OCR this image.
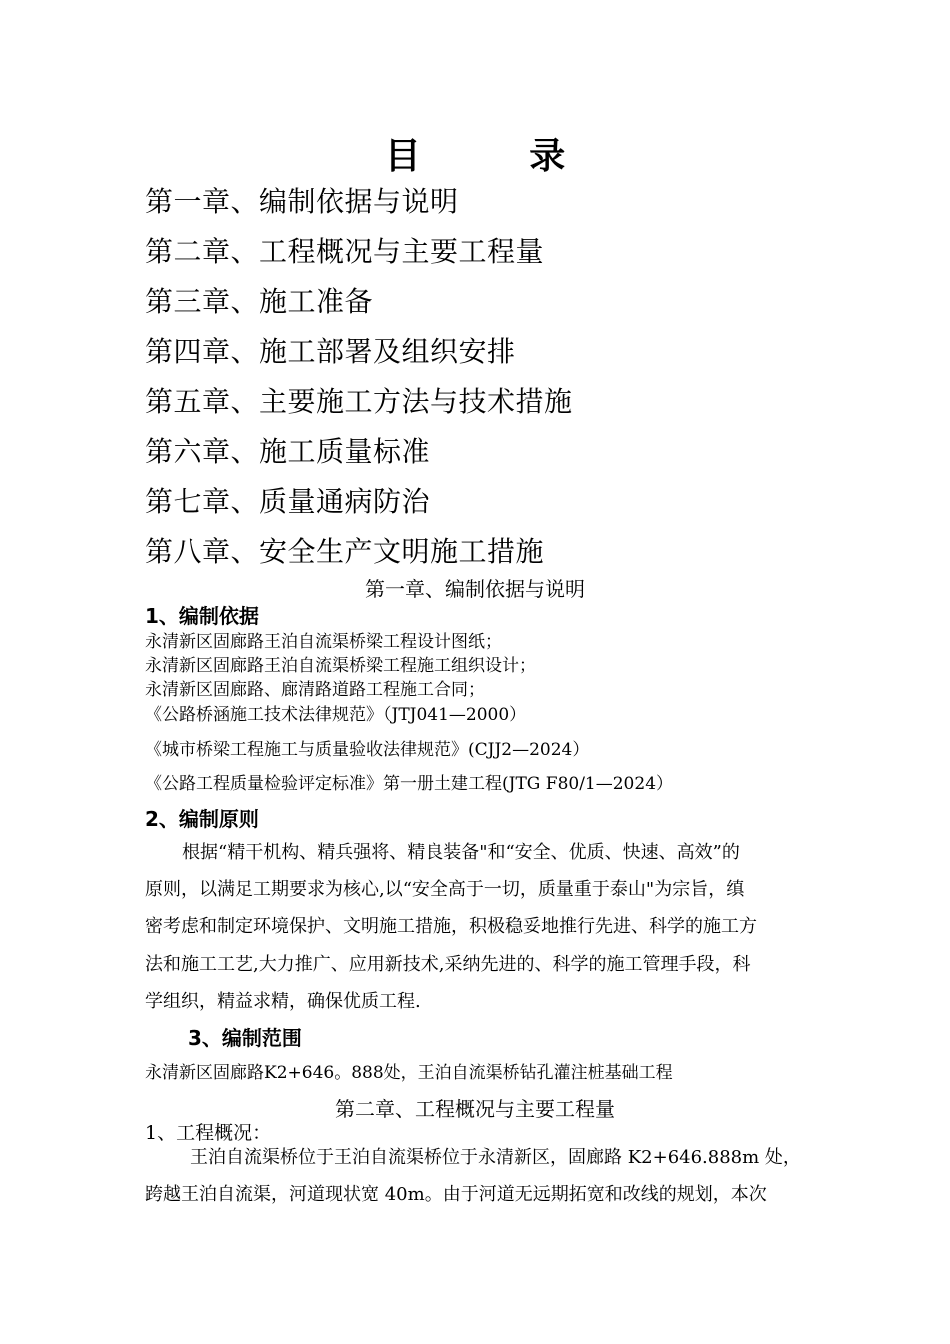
目 录
第一章、编制依据与说明
第二章、工程概况与主要工程量
第三章、施工准备
第四章、施工部署及组织安排
第五章、主要施工方法与技术措施
第六章、施工质量标准
第七章、质量通病防治
第八章、安全生产文明施工措施
第一章、编制依据与说明
1、编制依据
永清新区固廊路王泊自流渠桥梁工程设计图纸；
永清新区固廊路王泊自流渠桥梁工程施工组织设计；
永清新区固廊路、廊清路道路工程施工合同；
《公路桥涵施工技术法律规范》（JTJ041—2000）
《城市桥梁工程施工与质量验收法律规范》(CJJ2—2024）
《公路工程质量检验评定标准》第一册土建工程(JTG F80/1—2024）
2、编制原则
根据“精干机构、精兵强将、精良装备"和“安全、优质、快速、高效”的
原则，以满足工期要求为核心,以“安全高于一切，质量重于泰山"为宗旨，缜
密考虑和制定环境保护、文明施工措施，积极稳妥地推行先进、科学的施工方
法和施工工艺,大力推广、应用新技术,采纳先进的、科学的施工管理手段，科
学组织，精益求精，确保优质工程.
3、编制范围
永清新区固廊路K2+646。888处，王泊自流渠桥钻孔灌注桩基础工程
第二章、工程概况与主要工程量
1、工程概况：
王泊自流渠桥位于王泊自流渠桥位于永清新区，固廊路 K2+646.888m 处，
跨越王泊自流渠，河道现状宽 40m。由于河道无远期拓宽和改线的规划，本次
